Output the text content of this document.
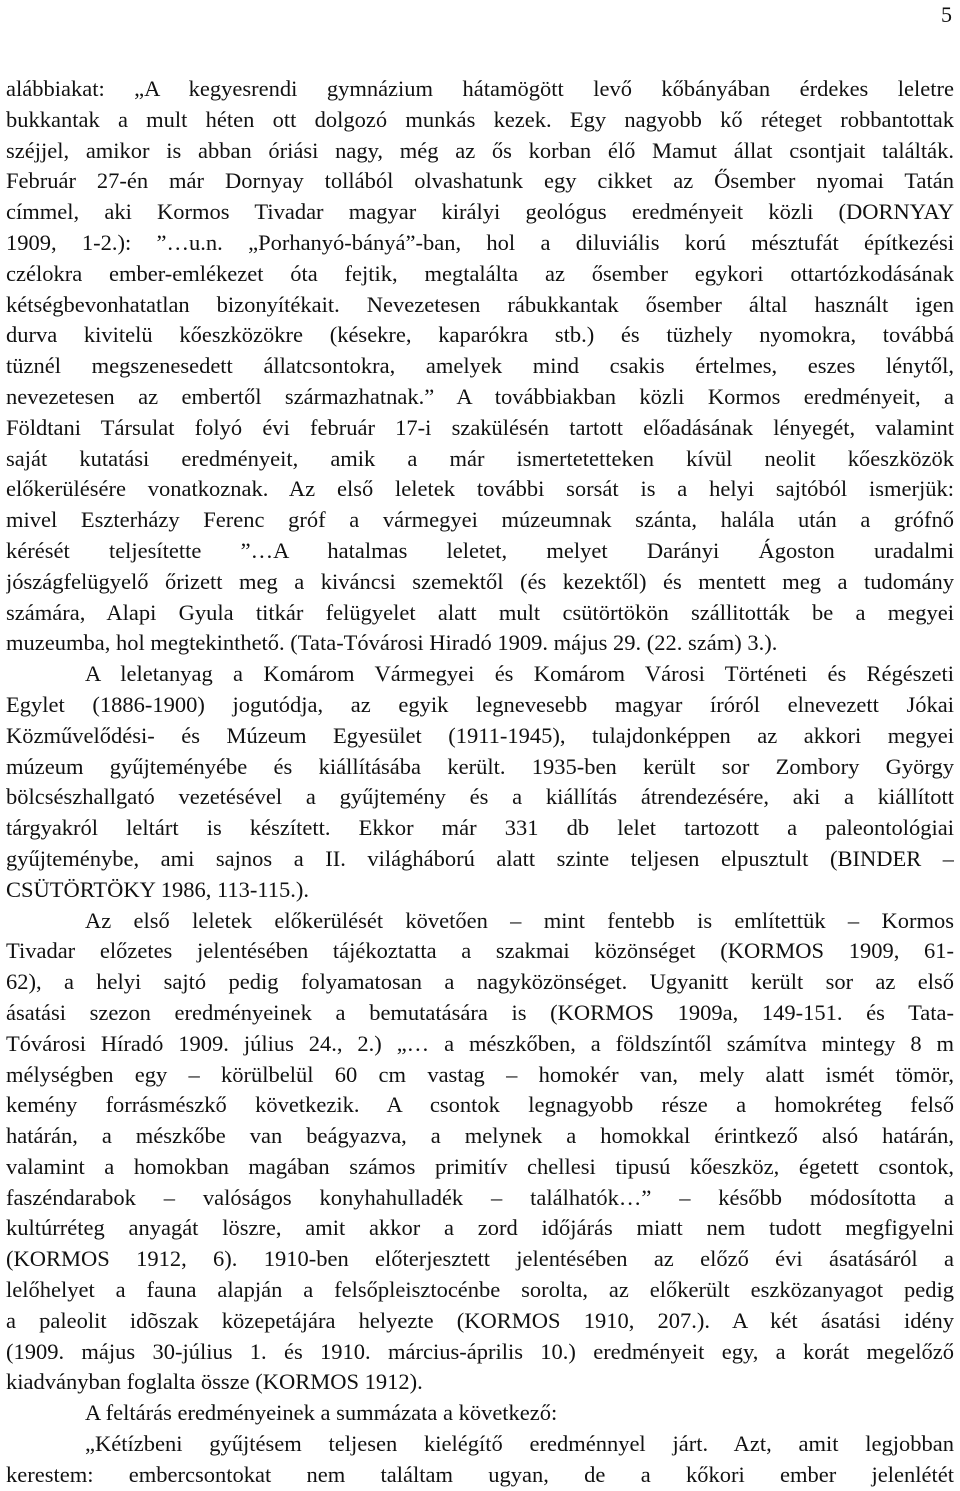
5
alábbiakat: „A kegyesrendi gymnázium hátamögött levő kőbányában érdekes leletre
bukkantak a mult héten ott dolgozó munkás kezek. Egy nagyobb kő réteget robbantottak
széjjel, amikor is abban óriási nagy, még az ős korban élő Mamut állat csontjait találták.
Február 27-én már Dornyay tollából olvashatunk egy cikket az Ősember nyomai Tatán
címmel, aki Kormos Tivadar magyar királyi geológus eredményeit közli (DORNYAY
1909, 1-2.): ”…u.n. „Porhanyó-bányá”-ban, hol a diluviális korú mésztufát építkezési
czélokra ember-emlékezet óta fejtik, megtalálta az ősember egykori ottartózkodásának
kétségbevonhatatlan bizonyítékait. Nevezetesen rábukkantak ősember által használt igen
durva kivitelü kőeszközökre (késekre, kaparókra stb.) és tüzhely nyomokra, továbbá
tüznél megszenesedett állatcsontokra, amelyek mind csakis értelmes, eszes lénytől,
nevezetesen az embertől származhatnak.” A továbbiakban közli Kormos eredményeit, a
Földtani Társulat folyó évi február 17-i szakülésén tartott előadásának lényegét, valamint
saját kutatási eredményeit, amik a már ismertetetteken kívül neolit kőeszközök
előkerülésére vonatkoznak. Az első leletek további sorsát is a helyi sajtóból ismerjük:
mivel Eszterházy Ferenc gróf a vármegyei múzeumnak szánta, halála után a grófnő
kérését teljesítette ”…A hatalmas leletet, melyet Darányi Ágoston uradalmi
jószágfelügyelő őrizett meg a kiváncsi szemektől (és kezektől) és mentett meg a tudomány
számára, Alapi Gyula titkár felügyelet alatt mult csütörtökön szállitották be a megyei
muzeumba, hol megtekinthető. (Tata-Tóvárosi Hiradó 1909. május 29. (22. szám) 3.).
A leletanyag a Komárom Vármegyei és Komárom Városi Történeti és Régészeti
Egylet (1886-1900) jogutódja, az egyik legnevesebb magyar íróról elnevezett Jókai
Közművelődési- és Múzeum Egyesület (1911-1945), tulajdonképpen az akkori megyei
múzeum gyűjteményébe és kiállításába került. 1935-ben került sor Zombory György
bölcsészhallgató vezetésével a gyűjtemény és a kiállítás átrendezésére, aki a kiállított
tárgyakról leltárt is készített. Ekkor már 331 db lelet tartozott a paleontológiai
gyűjteménybe, ami sajnos a II. világháború alatt szinte teljesen elpusztult (BINDER –
CSÜTÖRTÖKY 1986, 113-115.).
Az első leletek előkerülését követően – mint fentebb is említettük – Kormos
Tivadar előzetes jelentésében tájékoztatta a szakmai közönséget (KORMOS 1909, 61-
62), a helyi sajtó pedig folyamatosan a nagyközönséget. Ugyanitt került sor az első
ásatási szezon eredményeinek a bemutatására is (KORMOS 1909a, 149-151. és Tata-
Tóvárosi Híradó 1909. július 24., 2.) „… a mészkőben, a földszíntől számítva mintegy 8 m
mélységben egy – körülbelül 60 cm vastag – homokér van, mely alatt ismét tömör,
kemény forrásmészkő következik. A csontok legnagyobb része a homokréteg felső
határán, a mészkőbe van beágyazva, a melynek a homokkal érintkező alsó határán,
valamint a homokban magában számos primitív chellesi tipusú kőeszköz, égetett csontok,
faszéndarabok – valóságos konyhahulladék – találhatók…” – később módosította a
kultúrréteg anyagát löszre, amit akkor a zord időjárás miatt nem tudott megfigyelni
(KORMOS 1912, 6). 1910-ben előterjesztett jelentésében az előző évi ásatásáról a
lelőhelyet a fauna alapján a felsőpleisztocénbe sorolta, az előkerült eszközanyagot pedig
a paleolit idõszak közepetájára helyezte (KORMOS 1910, 207.). A két ásatási idény
(1909. május 30-július 1. és 1910. március-április 10.) eredményeit egy, a korát megelőző
kiadványban foglalta össze (KORMOS 1912).
A feltárás eredményeinek a summázata a következő:
„Kétízbeni gyűjtésem teljesen kielégítő eredménnyel járt. Azt, amit legjobban
kerestem: embercsontokat nem találtam ugyan, de a kőkori ember jelenlétét
